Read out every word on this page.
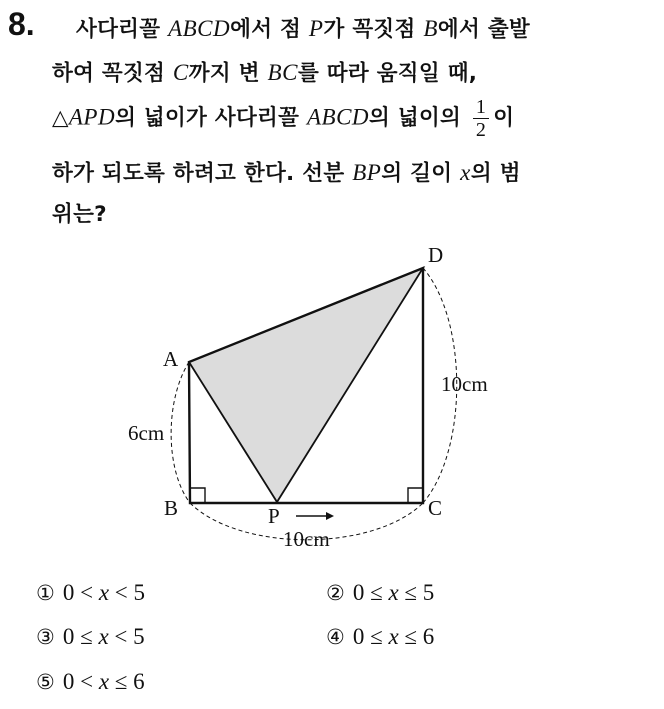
8. 사다리꼴 ABCD에서 점 P가 꼭짓점 B에서 출발
하여 꼭짓점 C까지 변 BC를 따라 움직일 때,
△APD의 넓이가 사다리꼴 ABCD의 넓이의 $\frac{1}{2}$ 이
하가 되도록 하려고 한다. 선분 BP의 길이 x의 범
위는?
A
B	C
D
P
6cm
10cm
10cm
① 0 < x < 5	② 0 ≤ x ≤ 5
③ 0 ≤ x < 5	④ 0 ≤ x ≤ 6
⑤ 0 < x ≤ 6
